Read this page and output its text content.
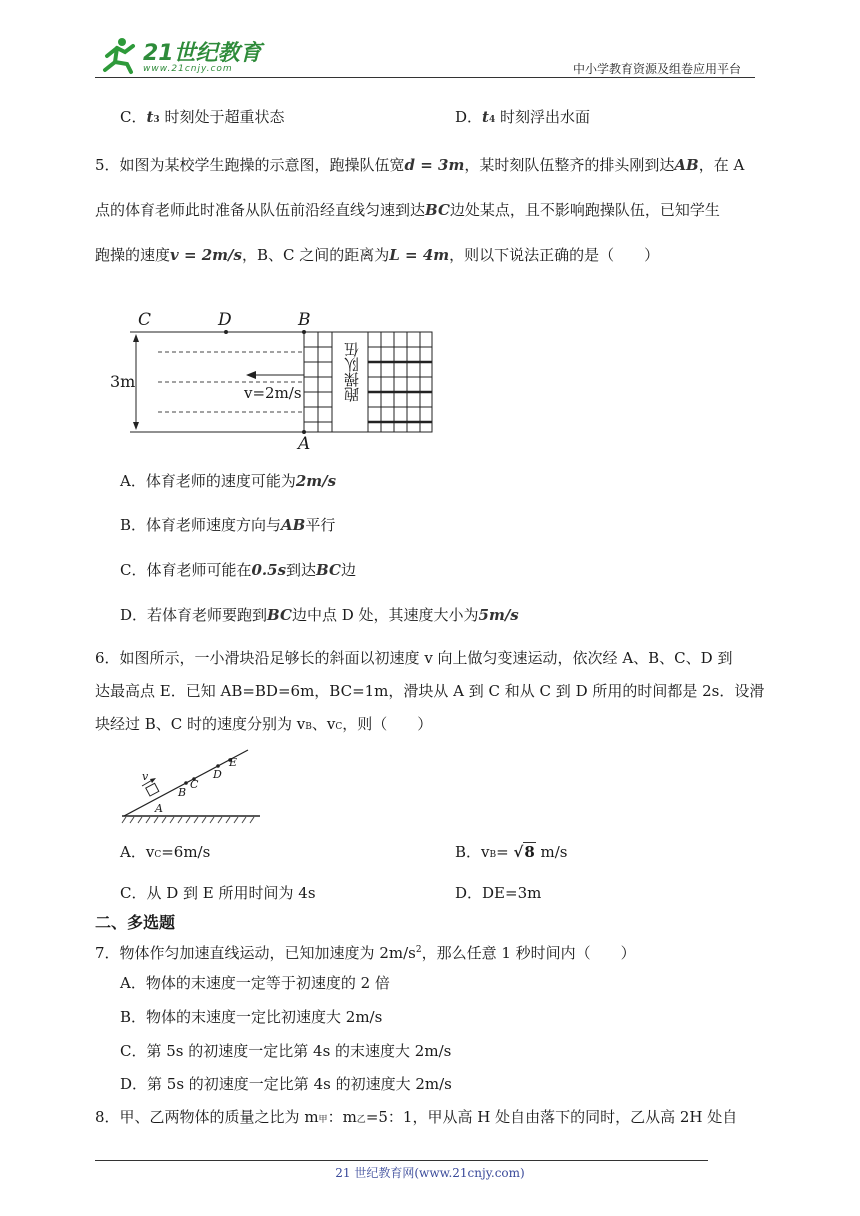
21世纪教育
www.21cnjy.com	中小学教育资源及组卷应用平台
C．t3 时刻处于超重状态	D．t4 时刻浮出水面
5．如图为某校学生跑操的示意图，跑操队伍宽d = 3m，某时刻队伍整齐的排头刚到达AB，在 A
点的体育老师此时准备从队伍前沿经直线匀速到达BC边处某点，且不影响跑操队伍，已知学生
跑操的速度v = 2m/s，B、C 之间的距离为L = 4m，则以下说法正确的是（　　）
C	D	B
A
3m
v=2m/s	跑操队伍
A．体育老师的速度可能为2m/s
B．体育老师速度方向与AB平行
C．体育老师可能在0.5s到达BC边
D．若体育老师要跑到BC边中点 D 处，其速度大小为5m/s
6．如图所示，一小滑块沿足够长的斜面以初速度 v 向上做匀变速运动，依次经 A、B、C、D 到
达最高点 E．已知 AB=BD=6m，BC=1m，滑块从 A 到 C 和从 C 到 D 所用的时间都是 2s．设滑
块经过 B、C 时的速度分别为 vB、vC，则（　　）
v
A
B
C
D
E
A．vC=6m/s	B．vB= √8 m/s
C．从 D 到 E 所用时间为 4s	D．DE=3m
二、多选题
7．物体作匀加速直线运动，已知加速度为 $2m/s^2$，那么任意 1 秒时间内（　　）
A．物体的末速度一定等于初速度的 2 倍
B．物体的末速度一定比初速度大 2m/s
C．第 5s 的初速度一定比第 4s 的末速度大 2m/s
D．第 5s 的初速度一定比第 4s 的初速度大 2m/s
8．甲、乙两物体的质量之比为 m甲：m乙=5：1，甲从高 H 处自由落下的同时，乙从高 2H 处自
21 世纪教育网(www.21cnjy.com)
